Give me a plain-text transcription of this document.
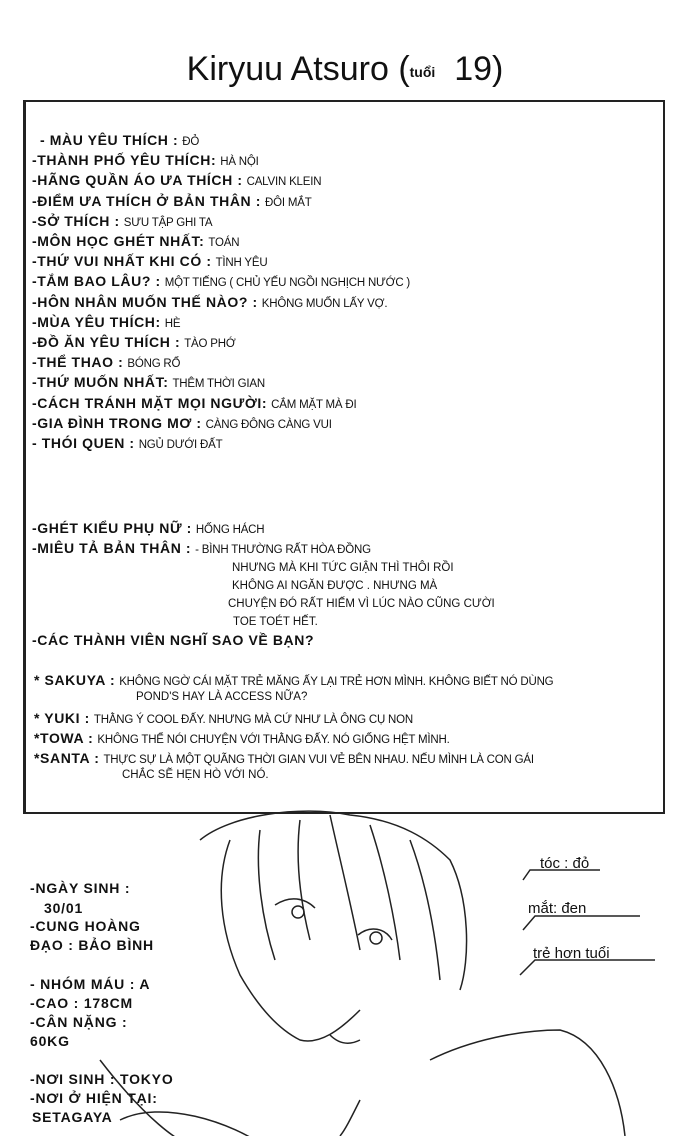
Kiryuu Atsuro (tuổi 19)
- MÀU YÊU THÍCH : ĐỎ
-THÀNH PHỐ YÊU THÍCH: HÀ NỘI
-HÃNG QUẦN ÁO ƯA THÍCH : CALVIN KLEIN
-ĐIỂM ƯA THÍCH Ở BẢN THÂN : ĐÔI MẮT
-SỞ THÍCH : SƯU TẬP GHI TA
-MÔN HỌC GHÉT NHẤT: TOÁN
-THỨ VUI NHẤT KHI CÓ : TÌNH YÊU
-TẮM BAO LÂU? : MỘT TIẾNG ( CHỦ YẾU NGỒI NGHỊCH NƯỚC )
-HÔN NHÂN MUỐN THẾ NÀO? : KHÔNG MUỐN LẤY VỢ.
-MÙA YÊU THÍCH: HÈ
-ĐỒ ĂN YÊU THÍCH : TÀO PHỚ
-THỂ THAO : BÓNG RỔ
-THỨ MUỐN NHẤT: THÊM THỜI GIAN
-CÁCH TRÁNH MẶT MỌI NGƯỜI: CẮM MẶT MÀ ĐI
-GIA ĐÌNH TRONG MƠ : CÀNG ĐÔNG CÀNG VUI
- THÓI QUEN : NGỦ DƯỚI ĐẤT
-GHÉT KIỂU PHỤ NỮ : HỐNG HÁCH
-MIÊU TẢ BẢN THÂN : - BÌNH THƯỜNG RẤT HÒA ĐỒNG
NHƯNG MÀ KHI TỨC GIẬN THÌ THÔI RỒI
KHÔNG AI NGĂN ĐƯỢC . NHƯNG MÀ
CHUYỆN ĐÓ RẤT HIẾM VÌ LÚC NÀO CŨNG CƯỜI
TOE TOÉT HẾT.
-CÁC THÀNH VIÊN NGHĨ SAO VỀ BẠN?
* SAKUYA : KHÔNG NGỜ CÁI MẶT TRẺ MĂNG ẤY LẠI TRẺ HƠN MÌNH. KHÔNG BIẾT NÓ DÙNG
POND'S HAY LÀ ACCESS NỮA?
* YUKI : THẰNG Ý COOL ĐẤY. NHƯNG MÀ CỨ NHƯ LÀ ÔNG CỤ NON
*TOWA : KHÔNG THỂ NÓI CHUYỆN VỚI THẰNG ĐẤY. NÓ GIỐNG HỆT MÌNH.
*SANTA : THỰC SỰ LÀ MỘT QUÃNG THỜI GIAN VUI VẺ BÊN NHAU. NẾU MÌNH LÀ CON GÁI
CHẮC SẼ HẸN HÒ VỚI NÓ.
-NGÀY SINH :
30/01
-CUNG HOÀNG
ĐẠO : BẢO BÌNH
- NHÓM MÁU : A
-CAO : 178CM
-CÂN NẶNG :
60KG
-NƠI SINH : TOKYO
-NƠI Ở HIỆN TẠI:
SETAGAYA
tóc : đỏ
mắt: đen
trẻ hơn tuổi
